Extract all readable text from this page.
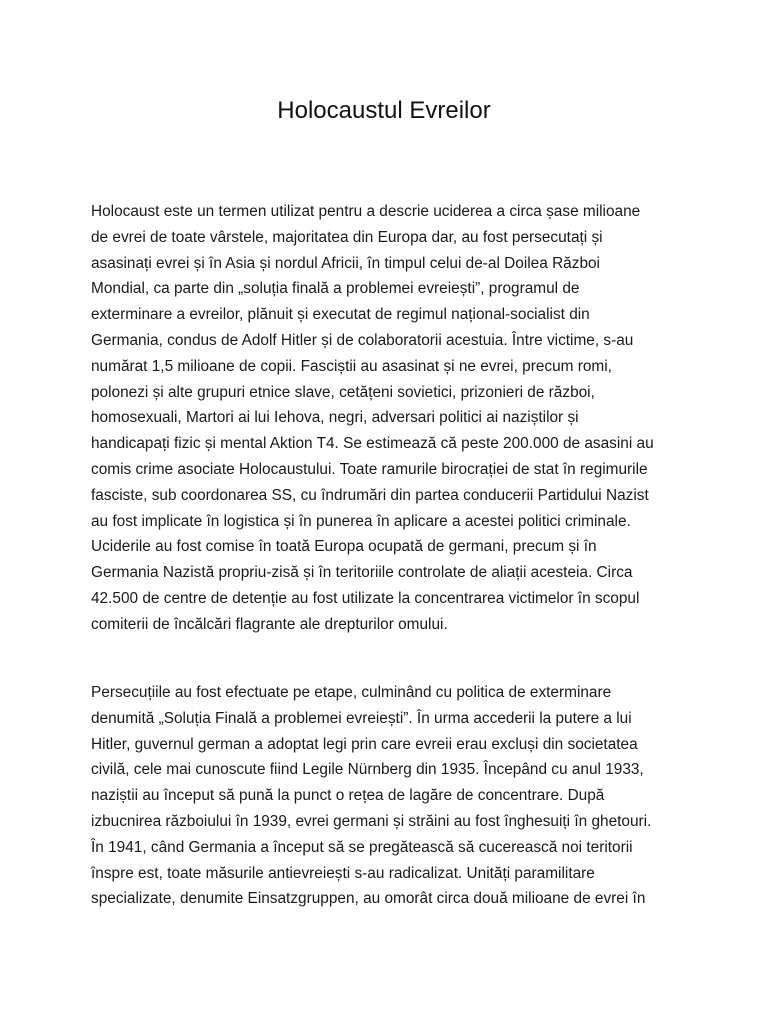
Holocaustul Evreilor
Holocaust este un termen utilizat pentru a descrie uciderea a circa șase milioane
de evrei de toate vârstele, majoritatea din Europa dar, au fost persecutați și
asasinați evrei și în Asia și nordul Africii, în timpul celui de-al Doilea Război
Mondial, ca parte din „soluția finală a problemei evreiești”, programul de
exterminare a evreilor, plănuit și executat de regimul național-socialist din
Germania, condus de Adolf Hitler și de colaboratorii acestuia. Între victime, s-au
numărat 1,5 milioane de copii. Fasciștii au asasinat și ne evrei, precum romi,
polonezi și alte grupuri etnice slave, cetățeni sovietici, prizonieri de război,
homosexuali, Martori ai lui Iehova, negri, adversari politici ai naziștilor și
handicapați fizic și mental Aktion T4. Se estimează că peste 200.000 de asasini au
comis crime asociate Holocaustului. Toate ramurile birocrației de stat în regimurile
fasciste, sub coordonarea SS, cu îndrumări din partea conducerii Partidului Nazist
au fost implicate în logistica și în punerea în aplicare a acestei politici criminale.
Uciderile au fost comise în toată Europa ocupată de germani, precum și în
Germania Nazistă propriu-zisă și în teritoriile controlate de aliații acesteia. Circa
42.500 de centre de detenție au fost utilizate la concentrarea victimelor în scopul
comiterii de încălcări flagrante ale drepturilor omului.
Persecuțiile au fost efectuate pe etape, culminând cu politica de exterminare
denumită „Soluția Finală a problemei evreiești”. În urma accederii la putere a lui
Hitler, guvernul german a adoptat legi prin care evreii erau excluși din societatea
civilă, cele mai cunoscute fiind Legile Nürnberg din 1935. Începând cu anul 1933,
naziștii au început să pună la punct o rețea de lagăre de concentrare. După
izbucnirea războiului în 1939, evrei germani și străini au fost înghesuiți în ghetouri.
În 1941, când Germania a început să se pregătească să cucerească noi teritorii
înspre est, toate măsurile antievreiești s-au radicalizat. Unități paramilitare
specializate, denumite Einsatzgruppen, au omorât circa două milioane de evrei în
